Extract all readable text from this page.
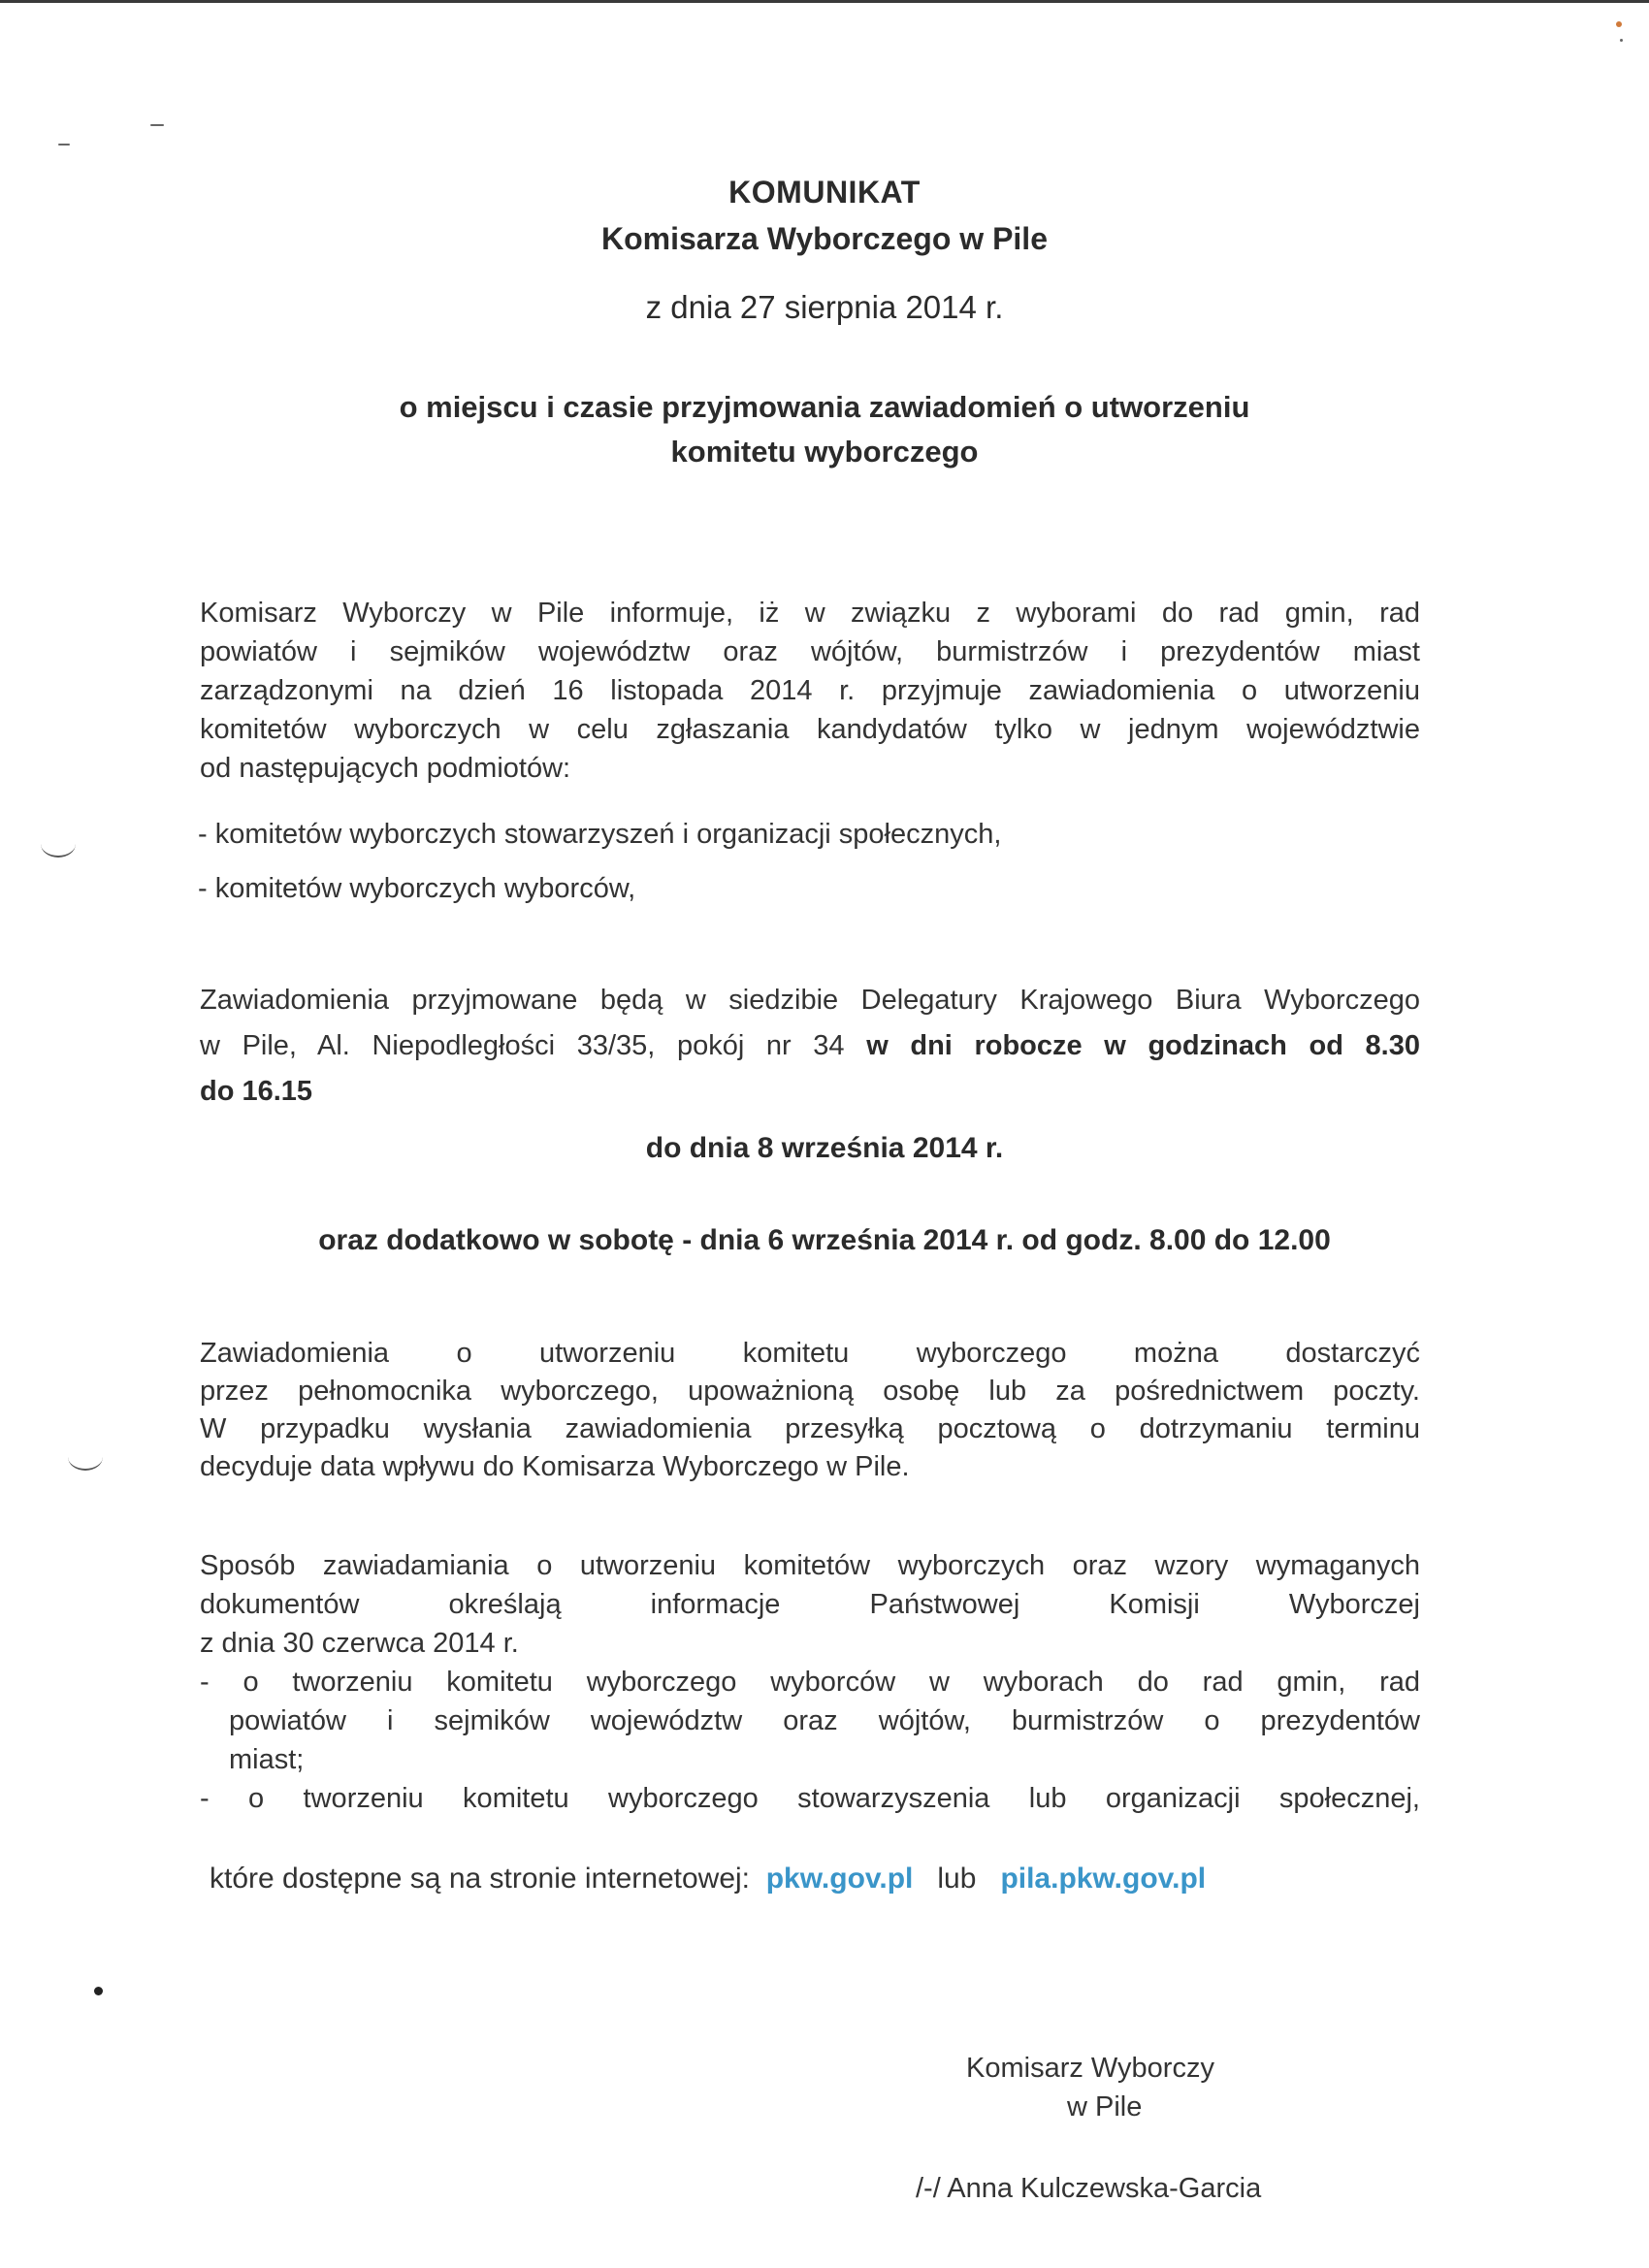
KOMUNIKAT
Komisarza Wyborczego w Pile
z dnia 27 sierpnia 2014 r.
o miejscu i czasie przyjmowania zawiadomień o utworzeniu
komitetu wyborczego
Komisarz Wyborczy w Pile informuje, iż w związku z wyborami do rad gmin, rad
powiatów i sejmików województw oraz wójtów, burmistrzów i prezydentów miast
zarządzonymi na dzień 16 listopada 2014 r. przyjmuje zawiadomienia o utworzeniu
komitetów wyborczych w celu zgłaszania kandydatów tylko w jednym województwie
od następujących podmiotów:
- komitetów wyborczych stowarzyszeń i organizacji społecznych,
- komitetów wyborczych wyborców,
Zawiadomienia przyjmowane będą w siedzibie Delegatury Krajowego Biura Wyborczego
w Pile, Al. Niepodległości 33/35, pokój nr 34 w dni robocze w godzinach od 8.30
do 16.15
do dnia 8 września 2014 r.
oraz dodatkowo w sobotę - dnia 6 września 2014 r. od godz. 8.00 do 12.00
Zawiadomienia o utworzeniu komitetu wyborczego można dostarczyć
przez pełnomocnika wyborczego, upoważnioną osobę lub za pośrednictwem poczty.
W przypadku wysłania zawiadomienia przesyłką pocztową o dotrzymaniu terminu
decyduje data wpływu do Komisarza Wyborczego w Pile.
Sposób zawiadamiania o utworzeniu komitetów wyborczych oraz wzory wymaganych
dokumentów określają informacje Państwowej Komisji Wyborczej
z dnia 30 czerwca 2014 r.
- o tworzeniu komitetu wyborczego wyborców w wyborach do rad gmin, rad
powiatów i sejmików województw oraz wójtów, burmistrzów o prezydentów
miast;
- o tworzeniu komitetu wyborczego stowarzyszenia lub organizacji społecznej,
które dostępne są na stronie internetowej: pkw.gov.pl lub pila.pkw.gov.pl
Komisarz Wyborczy
w Pile
/-/ Anna Kulczewska-Garcia
